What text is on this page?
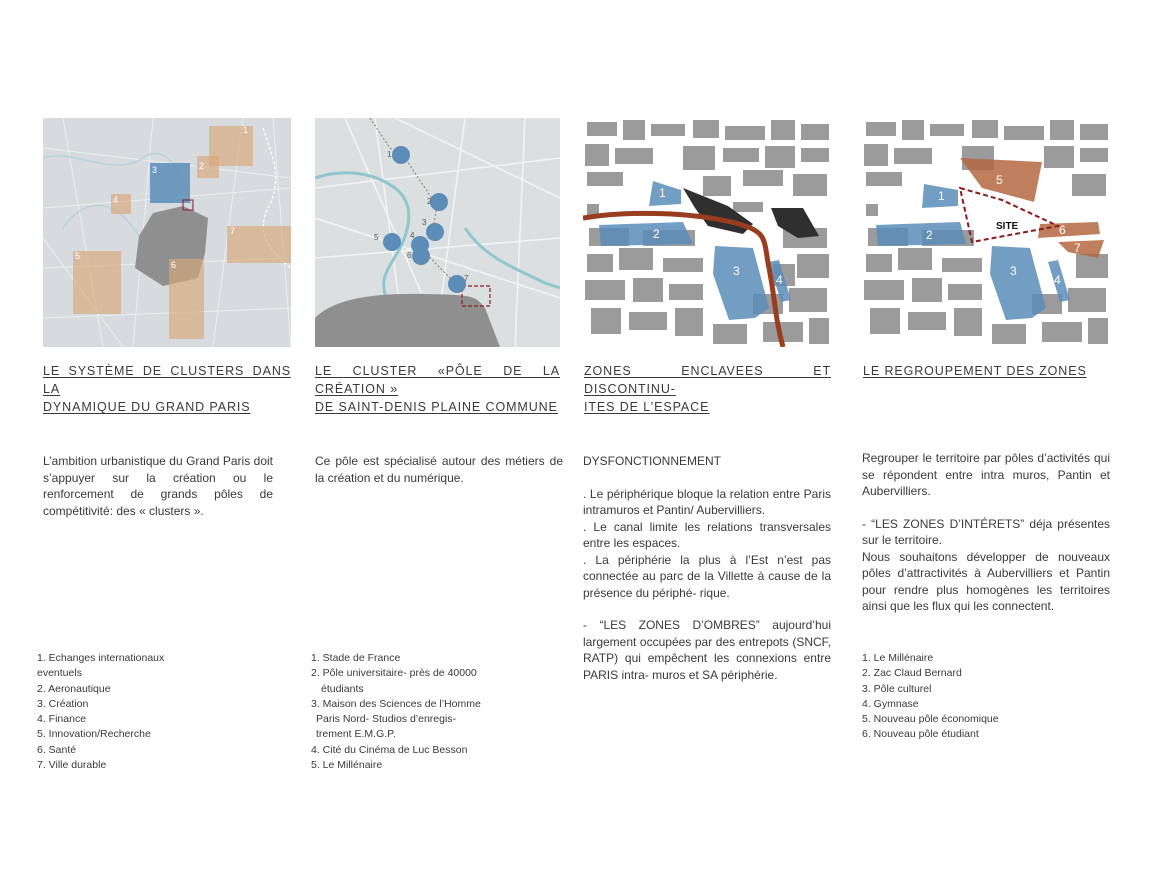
1
2
3
4
5
6
7
LE SYSTÈME DE CLUSTERS DANS LA
DYNAMIQUE DU GRAND PARIS

L’ambition urbanistique du Grand Paris doit s’appuyer sur la création ou le renforcement de grands pôles de compétitivité: des « clusters ».

1. Echanges internationaux
eventuels
2. Aeronautique
3. Création
4. Finance
5. Innovation/Recherche
6. Santé
7. Ville durable
1
2
3
4
5
6
7
LE CLUSTER «PÔLE DE LA CRÉATION »
DE SAINT-DENIS PLAINE COMMUNE

Ce pôle est spécialisé autour des métiers de la création et du numérique.

1. Stade de France
2. Pôle universitaire- près de 40000
étudiants
3. Maison des Sciences de l’Homme
Paris Nord- Studios d’enregis-
trement E.M.G.P.
4. Cité du Cinéma de Luc Besson
5. Le Millénaire
1
2
3
4
ZONES ENCLAVEES ET DISCONTINU-
ITES DE L’ESPACE

DYSFONCTIONNEMENT

. Le périphérique bloque la relation entre Paris intramuros et Pantin/ Aubervilliers.

. Le canal limite les relations transversales entre les espaces.

. La périphérie la plus à l’Est n’est pas connectée au parc de la Villette à cause de la présence du périphé- rique.

- “LES ZONES D’OMBRES” aujourd’hui largement occupées par des entrepots (SNCF, RATP) qui empêchent les connexions entre PARIS intra- muros et SA périphérie.

5
1
2
3
4
6
7
SITE
LE REGROUPEMENT DES ZONES

Regrouper le territoire par pôles d’activités qui se répondent entre intra muros, Pantin et Aubervilliers.

- “LES ZONES D’INTÉRETS” déja présentes sur le territoire.

Nous souhaitons développer de nouveaux pôles d’attractivités à Aubervilliers et Pantin pour rendre plus homogènes les territoires ainsi que les flux qui les connectent.

1. Le Millénaire
2. Zac Claud Bernard
3. Pôle culturel
4. Gymnase
5. Nouveau pôle économique
6. Nouveau pôle étudiant
